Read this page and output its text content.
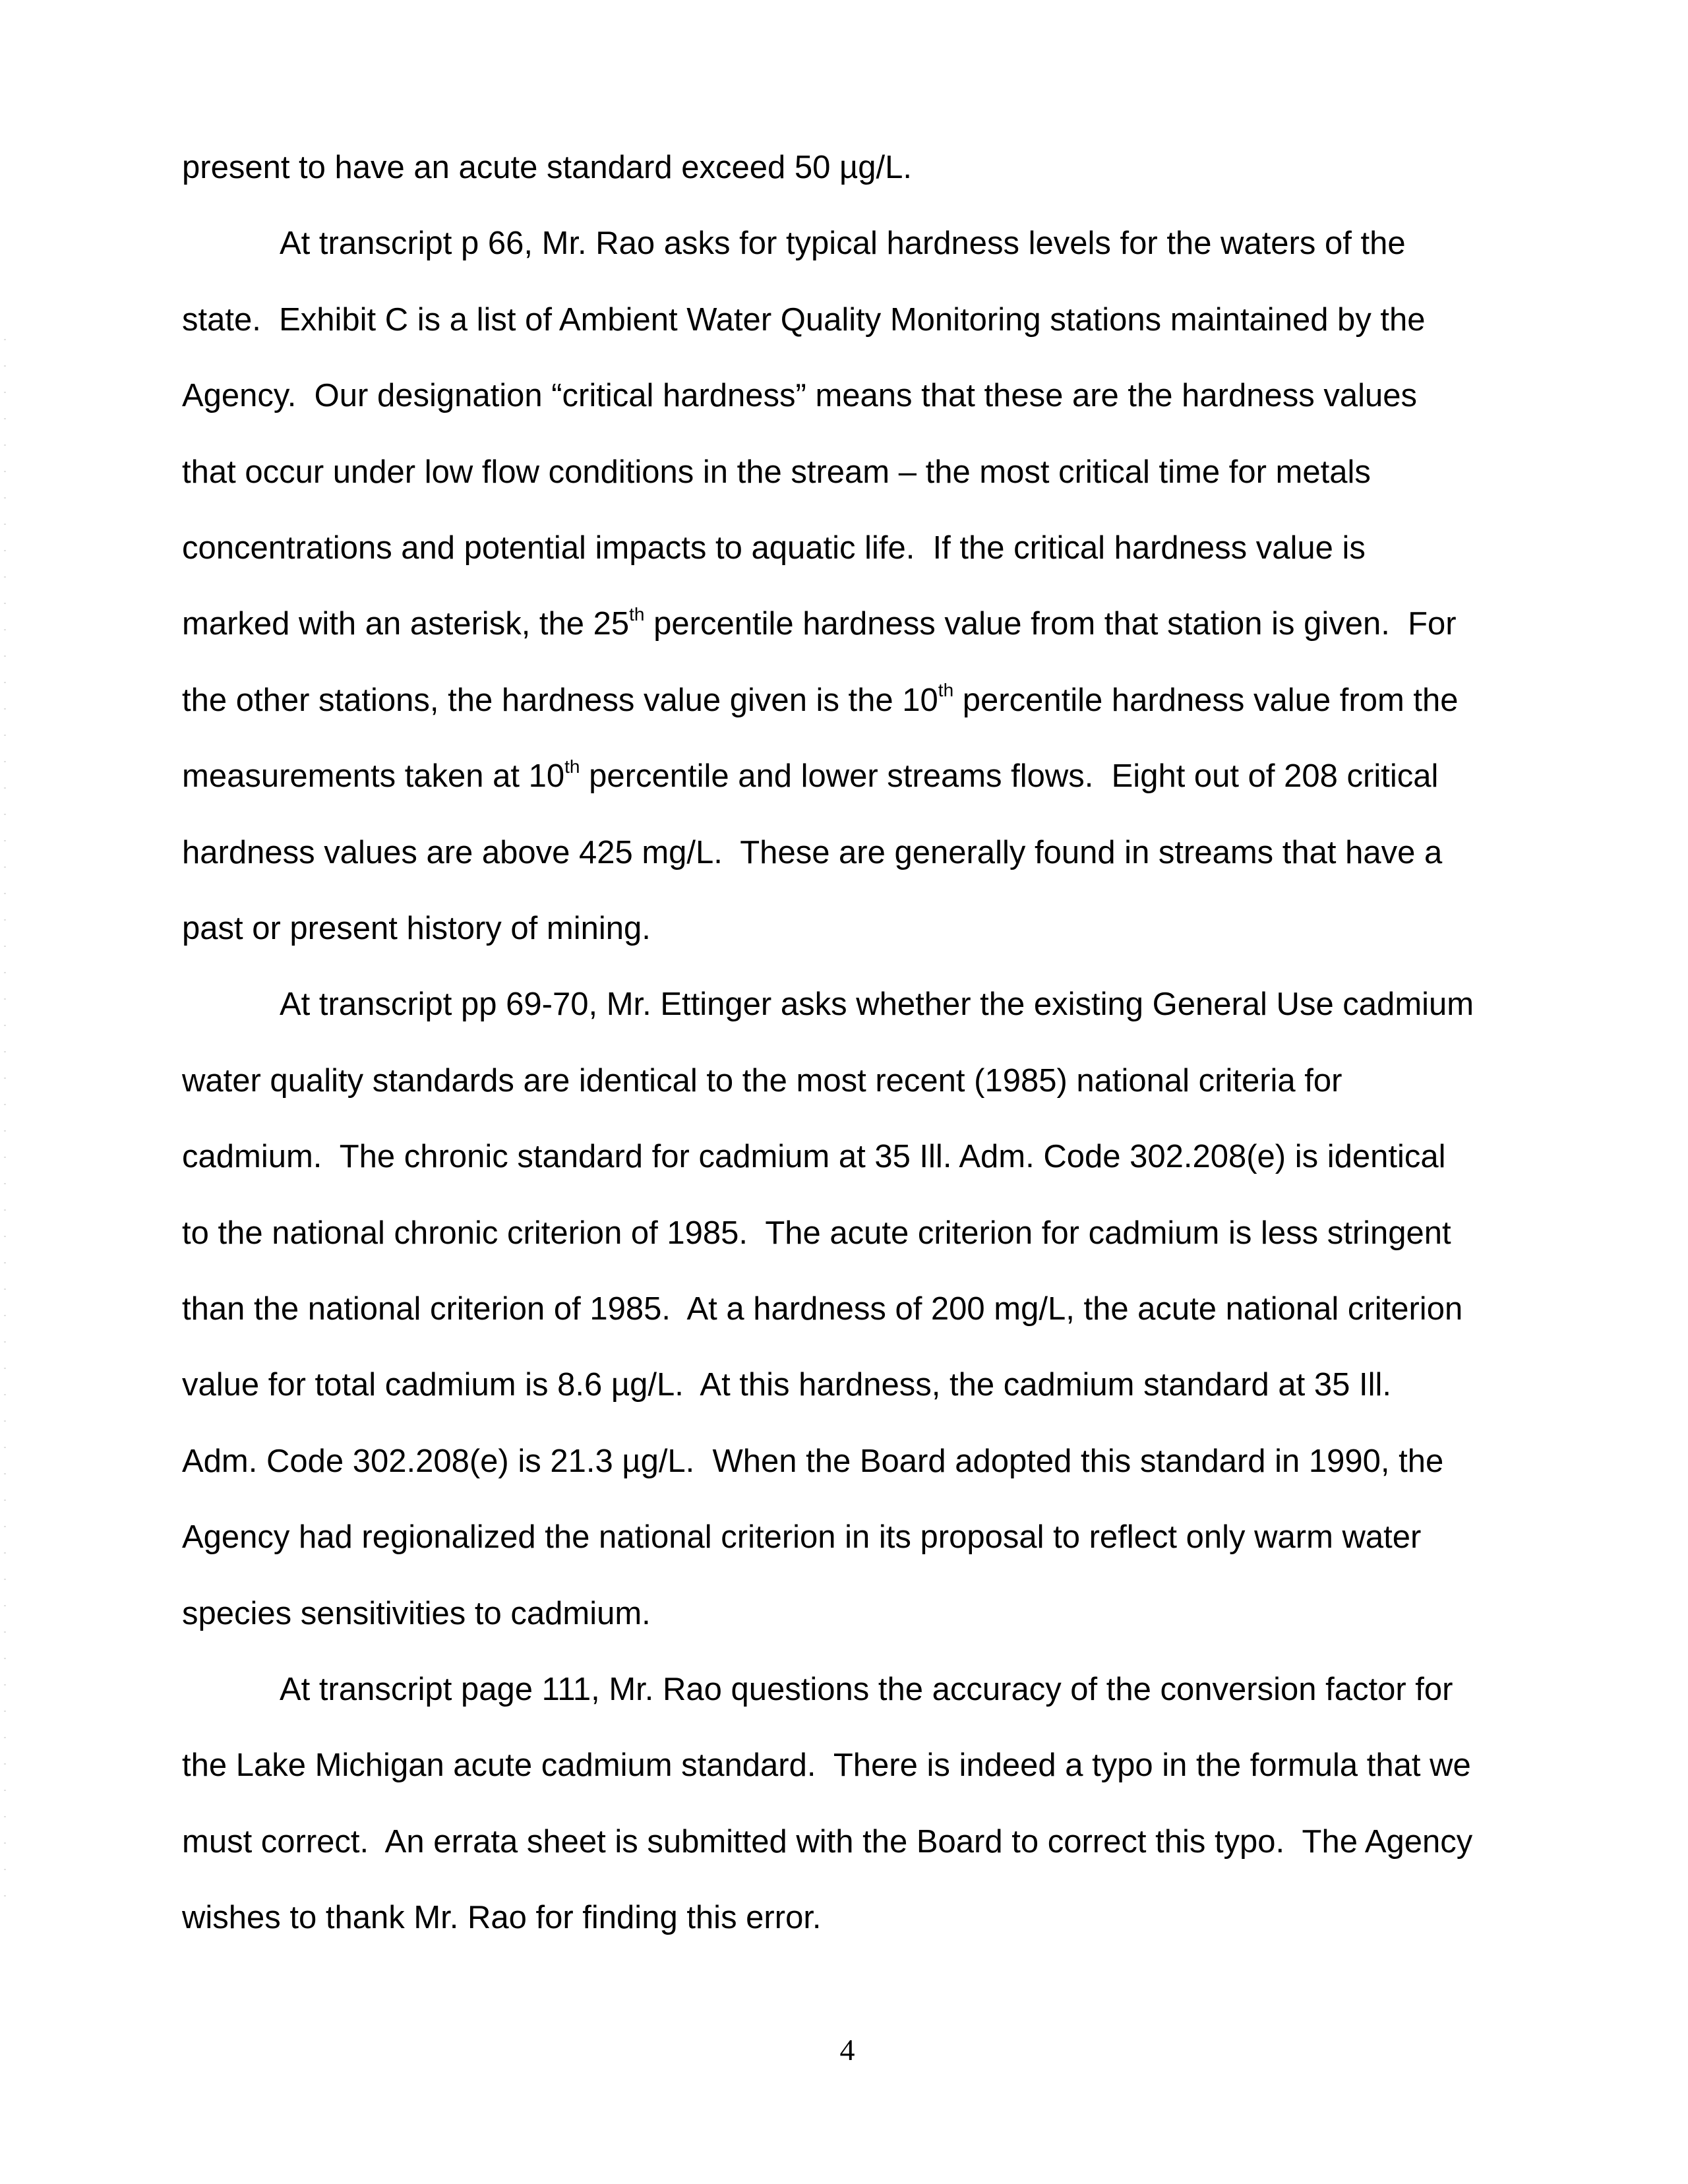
present to have an acute standard exceed 50 µg/L.
At transcript p 66, Mr. Rao asks for typical hardness levels for the waters of the
state.  Exhibit C is a list of Ambient Water Quality Monitoring stations maintained by the
Agency.  Our designation “critical hardness” means that these are the hardness values
that occur under low flow conditions in the stream – the most critical time for metals
concentrations and potential impacts to aquatic life.  If the critical hardness value is
marked with an asterisk, the 25th percentile hardness value from that station is given.  For
the other stations, the hardness value given is the 10th percentile hardness value from the
measurements taken at 10th percentile and lower streams flows.  Eight out of 208 critical
hardness values are above 425 mg/L.  These are generally found in streams that have a
past or present history of mining.
At transcript pp 69-70, Mr. Ettinger asks whether the existing General Use cadmium
water quality standards are identical to the most recent (1985) national criteria for
cadmium.  The chronic standard for cadmium at 35 Ill. Adm. Code 302.208(e) is identical
to the national chronic criterion of 1985.  The acute criterion for cadmium is less stringent
than the national criterion of 1985.  At a hardness of 200 mg/L, the acute national criterion
value for total cadmium is 8.6 µg/L.  At this hardness, the cadmium standard at 35 Ill.
Adm. Code 302.208(e) is 21.3 µg/L.  When the Board adopted this standard in 1990, the
Agency had regionalized the national criterion in its proposal to reflect only warm water
species sensitivities to cadmium.
At transcript page 111, Mr. Rao questions the accuracy of the conversion factor for
the Lake Michigan acute cadmium standard.  There is indeed a typo in the formula that we
must correct.  An errata sheet is submitted with the Board to correct this typo.  The Agency
wishes to thank Mr. Rao for finding this error.
4
